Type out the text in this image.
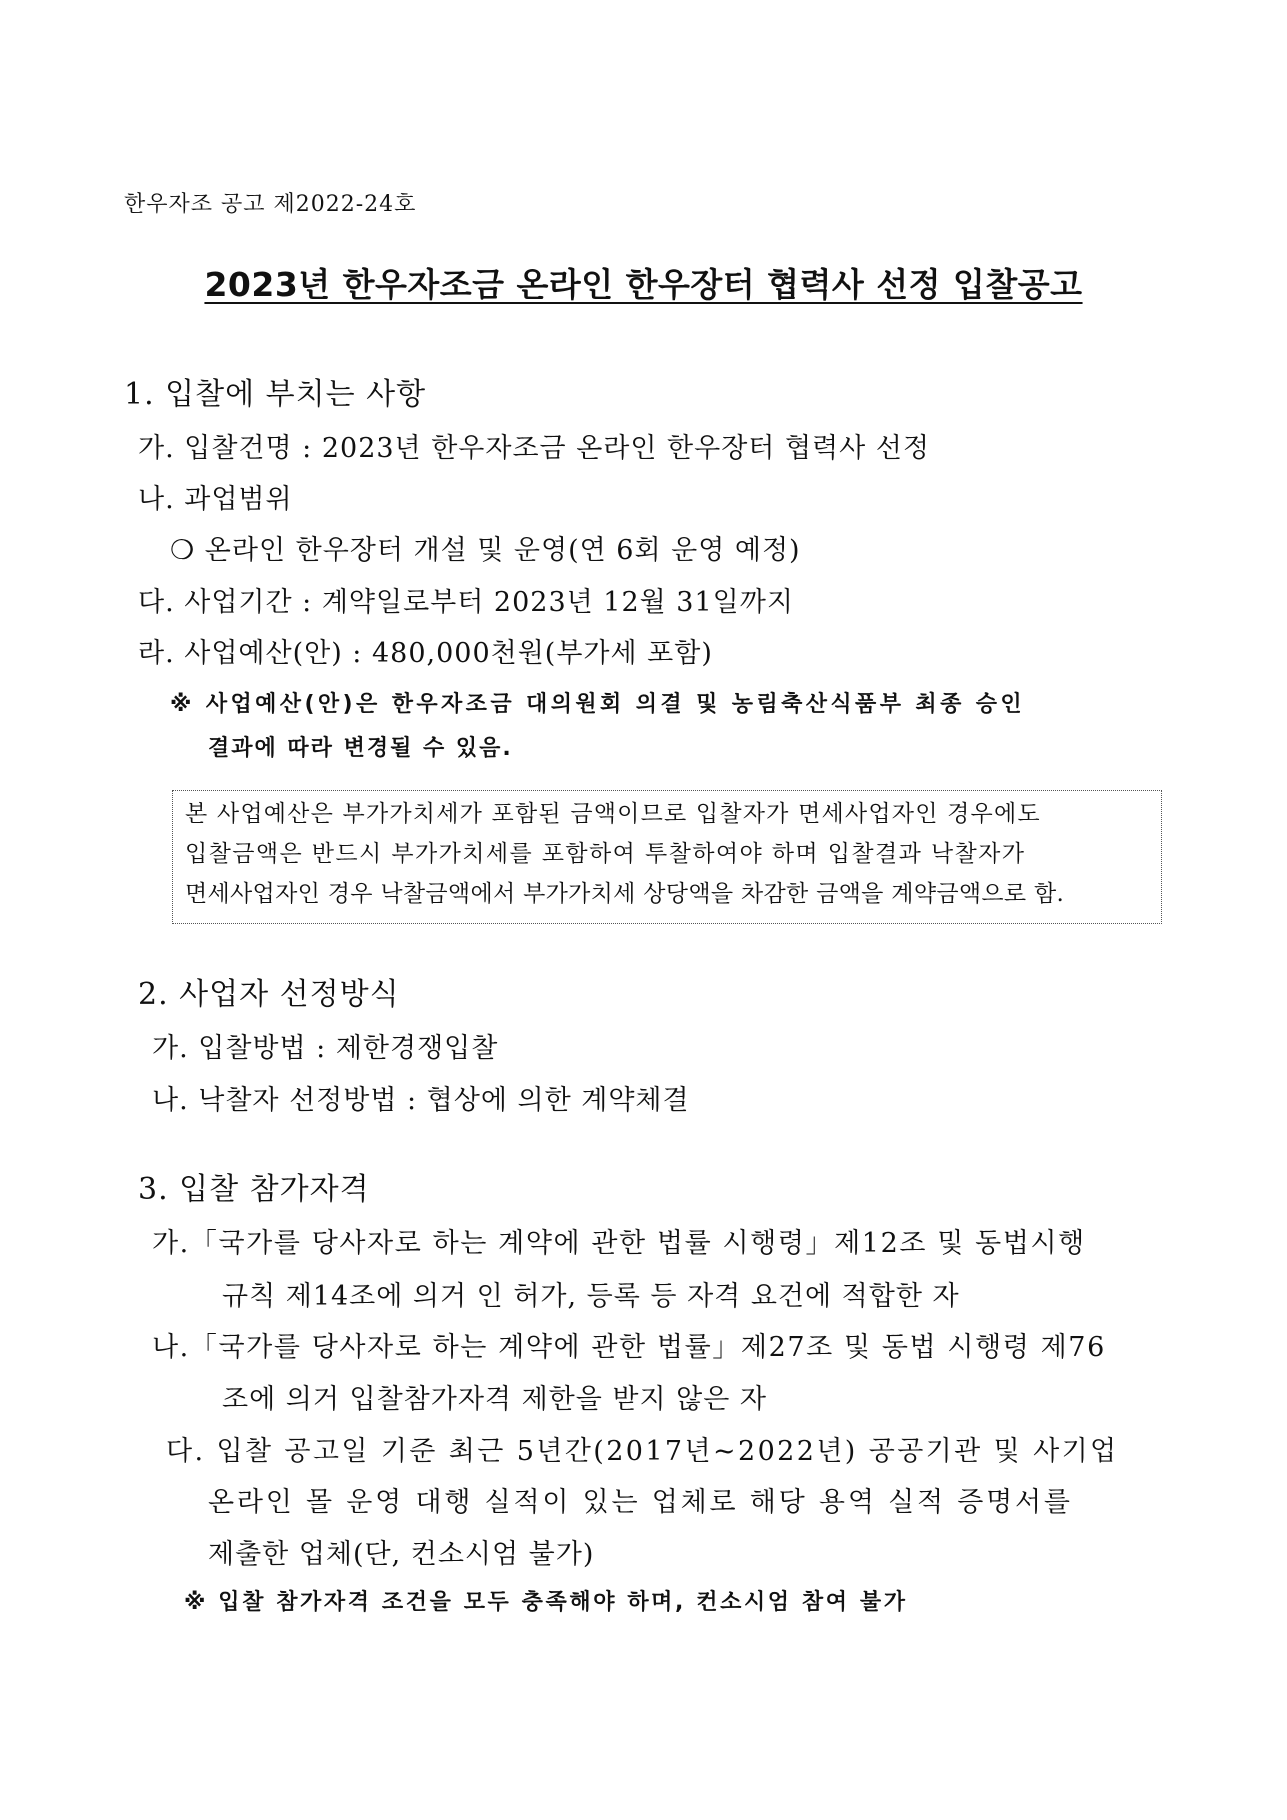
한우자조 공고 제2022-24호
2023년 한우자조금 온라인 한우장터 협력사 선정 입찰공고
1. 입찰에 부치는 사항
가. 입찰건명 : 2023년 한우자조금 온라인 한우장터 협력사 선정
나. 과업범위
❍ 온라인 한우장터 개설 및 운영(연 6회 운영 예정)
다. 사업기간 : 계약일로부터 2023년 12월 31일까지
라. 사업예산(안) : 480,000천원(부가세 포함)
※ 사업예산(안)은 한우자조금 대의원회 의결 및 농림축산식품부 최종 승인
결과에 따라 변경될 수 있음.
본 사업예산은 부가가치세가 포함된 금액이므로 입찰자가 면세사업자인 경우에도
입찰금액은 반드시 부가가치세를 포함하여 투찰하여야 하며 입찰결과 낙찰자가
면세사업자인 경우 낙찰금액에서 부가가치세 상당액을 차감한 금액을 계약금액으로 함.
2. 사업자 선정방식
가. 입찰방법 : 제한경쟁입찰
나. 낙찰자 선정방법 : 협상에 의한 계약체결
3. 입찰 참가자격
가.「국가를 당사자로 하는 계약에 관한 법률 시행령」제12조 및 동법시행
규칙 제14조에 의거 인 허가, 등록 등 자격 요건에 적합한 자
나.「국가를 당사자로 하는 계약에 관한 법률」제27조 및 동법 시행령 제76
조에 의거 입찰참가자격 제한을 받지 않은 자
다. 입찰 공고일 기준 최근 5년간(2017년~2022년) 공공기관 및 사기업
온라인 몰 운영 대행 실적이 있는 업체로 해당 용역 실적 증명서를
제출한 업체(단, 컨소시엄 불가)
※ 입찰 참가자격 조건을 모두 충족해야 하며, 컨소시엄 참여 불가
